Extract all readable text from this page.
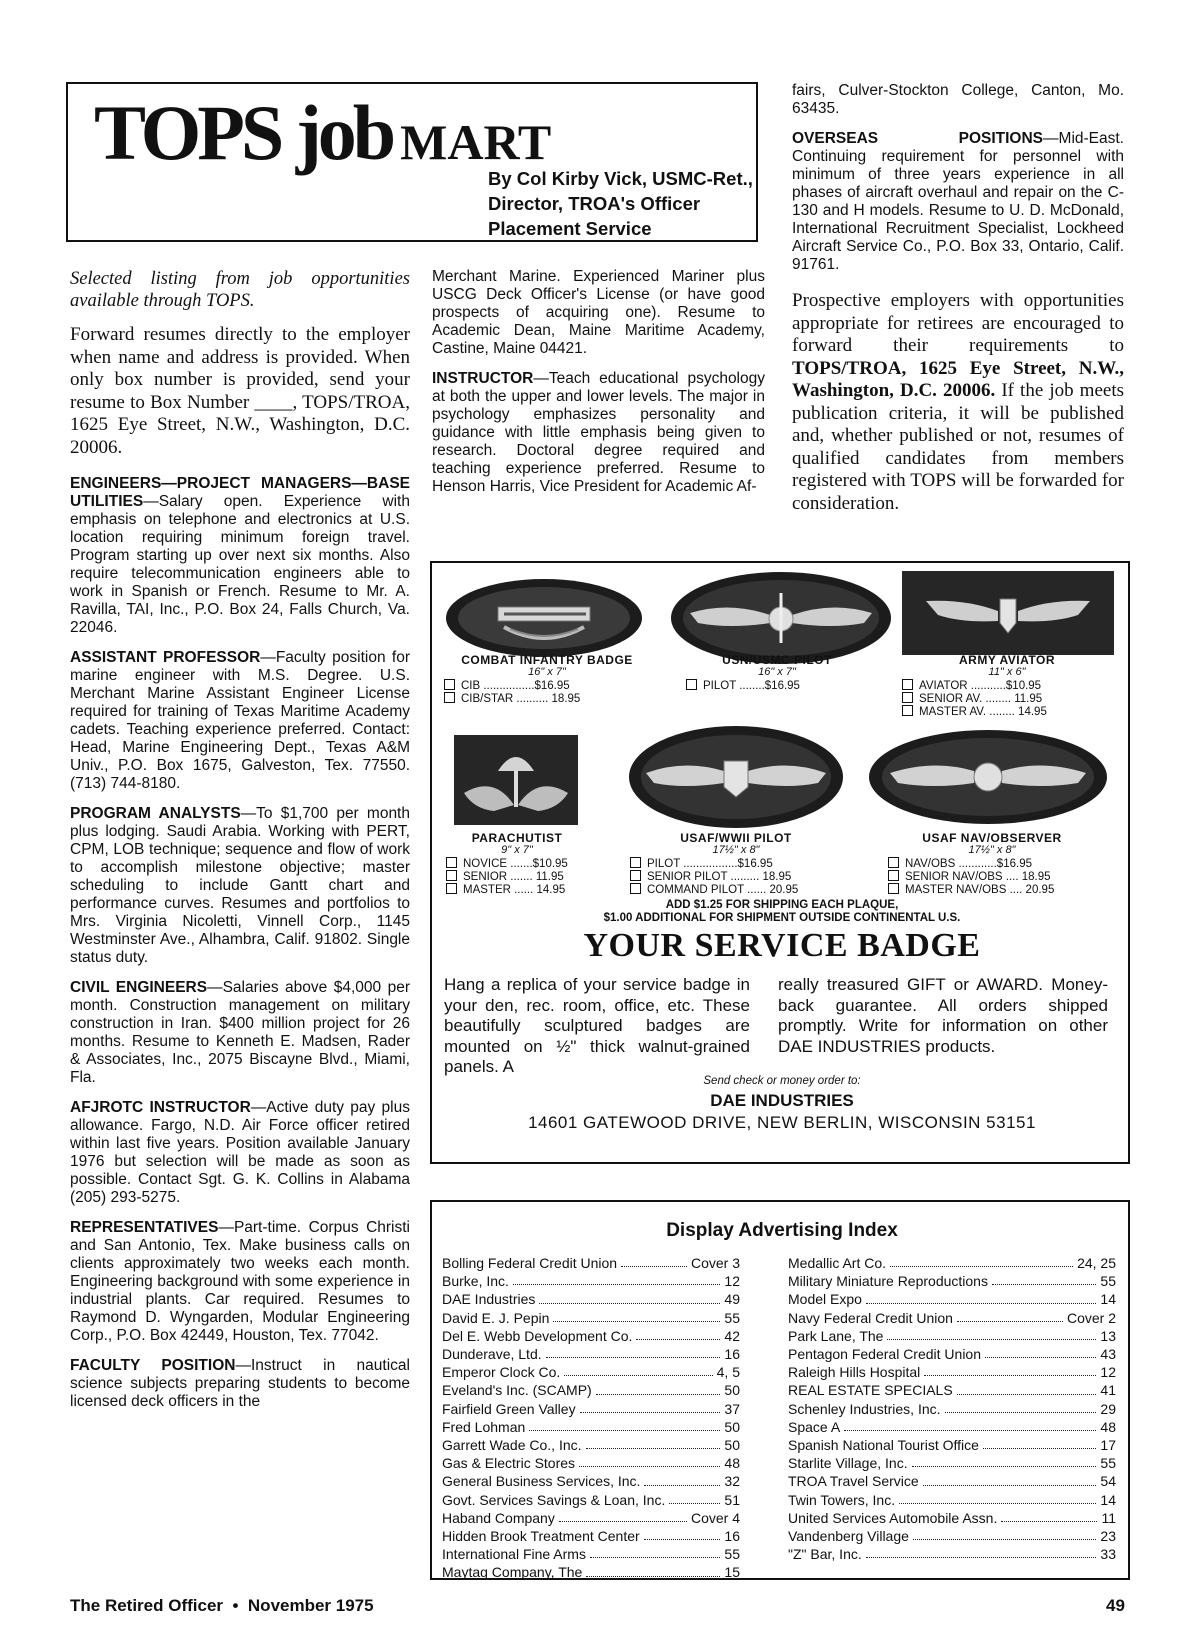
TOPS job MART
By Col Kirby Vick, USMC-Ret.,
Director, TROA's Officer
Placement Service

Selected listing from job opportunities available through TOPS.

Forward resumes directly to the employer when name and address is provided. When only box number is provided, send your resume to Box Number ____, TOPS/TROA, 1625 Eye Street, N.W., Washington, D.C. 20006.

ENGINEERS—PROJECT MANAGERS—BASE UTILITIES—Salary open. Experience with emphasis on telephone and electronics at U.S. location requiring minimum foreign travel. Program starting up over next six months. Also require telecommunication engineers able to work in Spanish or French. Resume to Mr. A. Ravilla, TAI, Inc., P.O. Box 24, Falls Church, Va. 22046.

ASSISTANT PROFESSOR—Faculty position for marine engineer with M.S. Degree. U.S. Merchant Marine Assistant Engineer License required for training of Texas Maritime Academy cadets. Teaching experience preferred. Contact: Head, Marine Engineering Dept., Texas A&M Univ., P.O. Box 1675, Galveston, Tex. 77550. (713) 744-8180.

PROGRAM ANALYSTS—To $1,700 per month plus lodging. Saudi Arabia. Working with PERT, CPM, LOB technique; sequence and flow of work to accomplish milestone objective; master scheduling to include Gantt chart and performance curves. Resumes and portfolios to Mrs. Virginia Nicoletti, Vinnell Corp., 1145 Westminster Ave., Alhambra, Calif. 91802. Single status duty.

CIVIL ENGINEERS—Salaries above $4,000 per month. Construction management on military construction in Iran. $400 million project for 26 months. Resume to Kenneth E. Madsen, Rader & Associates, Inc., 2075 Biscayne Blvd., Miami, Fla.

AFJROTC INSTRUCTOR—Active duty pay plus allowance. Fargo, N.D. Air Force officer retired within last five years. Position available January 1976 but selection will be made as soon as possible. Contact Sgt. G. K. Collins in Alabama (205) 293-5275.

REPRESENTATIVES—Part-time. Corpus Christi and San Antonio, Tex. Make business calls on clients approximately two weeks each month. Engineering background with some experience in industrial plants. Car required. Resumes to Raymond D. Wyngarden, Modular Engineering Corp., P.O. Box 42449, Houston, Tex. 77042.

FACULTY POSITION—Instruct in nautical science subjects preparing students to become licensed deck officers in the

Merchant Marine. Experienced Mariner plus USCG Deck Officer's License (or have good prospects of acquiring one). Resume to Academic Dean, Maine Maritime Academy, Castine, Maine 04421.

INSTRUCTOR—Teach educational psychology at both the upper and lower levels. The major in psychology emphasizes personality and guidance with little emphasis being given to research. Doctoral degree required and teaching experience preferred. Resume to Henson Harris, Vice President for Academic Af-

fairs, Culver-Stockton College, Canton, Mo. 63435.

OVERSEAS POSITIONS—Mid-East. Continuing requirement for personnel with minimum of three years experience in all phases of aircraft overhaul and repair on the C-130 and H models. Resume to U. D. McDonald, International Recruitment Specialist, Lockheed Aircraft Service Co., P.O. Box 33, Ontario, Calif. 91761.

Prospective employers with opportunities appropriate for retirees are encouraged to forward their requirements to TOPS/TROA, 1625 Eye Street, N.W., Washington, D.C. 20006. If the job meets publication criteria, it will be published and, whether published or not, resumes of qualified candidates from members registered with TOPS will be forwarded for consideration.

COMBAT INFANTRY BADGE
16" x 7"
CIB ................$16.95
CIB/STAR .......... 18.95
USN/USMC PILOT
16" x 7"
PILOT ........$16.95
ARMY AVIATOR
11" x 6"
AVIATOR ...........$10.95
SENIOR AV. ........ 11.95
MASTER AV. ........ 14.95
PARACHUTIST
9" x 7"
NOVICE .......$10.95
SENIOR ....... 11.95
MASTER ...... 14.95
USAF/WWII PILOT
17½" x 8"
PILOT .................$16.95
SENIOR PILOT ......... 18.95
COMMAND PILOT ...... 20.95
USAF NAV/OBSERVER
17½" x 8"
NAV/OBS ............$16.95
SENIOR NAV/OBS .... 18.95
MASTER NAV/OBS .... 20.95
ADD $1.25 FOR SHIPPING EACH PLAQUE,
$1.00 ADDITIONAL FOR SHIPMENT OUTSIDE CONTINENTAL U.S.
YOUR SERVICE BADGE
Hang a replica of your service badge in your den, rec. room, office, etc. These beautifully sculptured badges are mounted on ½" thick walnut-grained panels. A
really treasured GIFT or AWARD. Money-back guarantee. All orders shipped promptly. Write for information on other DAE INDUSTRIES products.
Send check or money order to:
DAE INDUSTRIES
14601 GATEWOOD DRIVE, NEW BERLIN, WISCONSIN 53151
Display Advertising Index
Bolling Federal Credit Union	Cover 3
Burke, Inc.	12
DAE Industries	49
David E. J. Pepin	55
Del E. Webb Development Co.	42
Dunderave, Ltd.	16
Emperor Clock Co.	4, 5
Eveland's Inc. (SCAMP)	50
Fairfield Green Valley	37
Fred Lohman	50
Garrett Wade Co., Inc.	50
Gas & Electric Stores	48
General Business Services, Inc.	32
Govt. Services Savings & Loan, Inc.	51
Haband Company	Cover 4
Hidden Brook Treatment Center	16
International Fine Arms	55
Maytag Company, The	15
Medallic Art Co.	24, 25
Military Miniature Reproductions	55
Model Expo	14
Navy Federal Credit Union	Cover 2
Park Lane, The	13
Pentagon Federal Credit Union	43
Raleigh Hills Hospital	12
REAL ESTATE SPECIALS	41
Schenley Industries, Inc.	29
Space A	48
Spanish National Tourist Office	17
Starlite Village, Inc.	55
TROA Travel Service	54
Twin Towers, Inc.	14
United Services Automobile Assn.	11
Vandenberg Village	23
"Z" Bar, Inc.	33
The Retired Officer • November 1975	49
